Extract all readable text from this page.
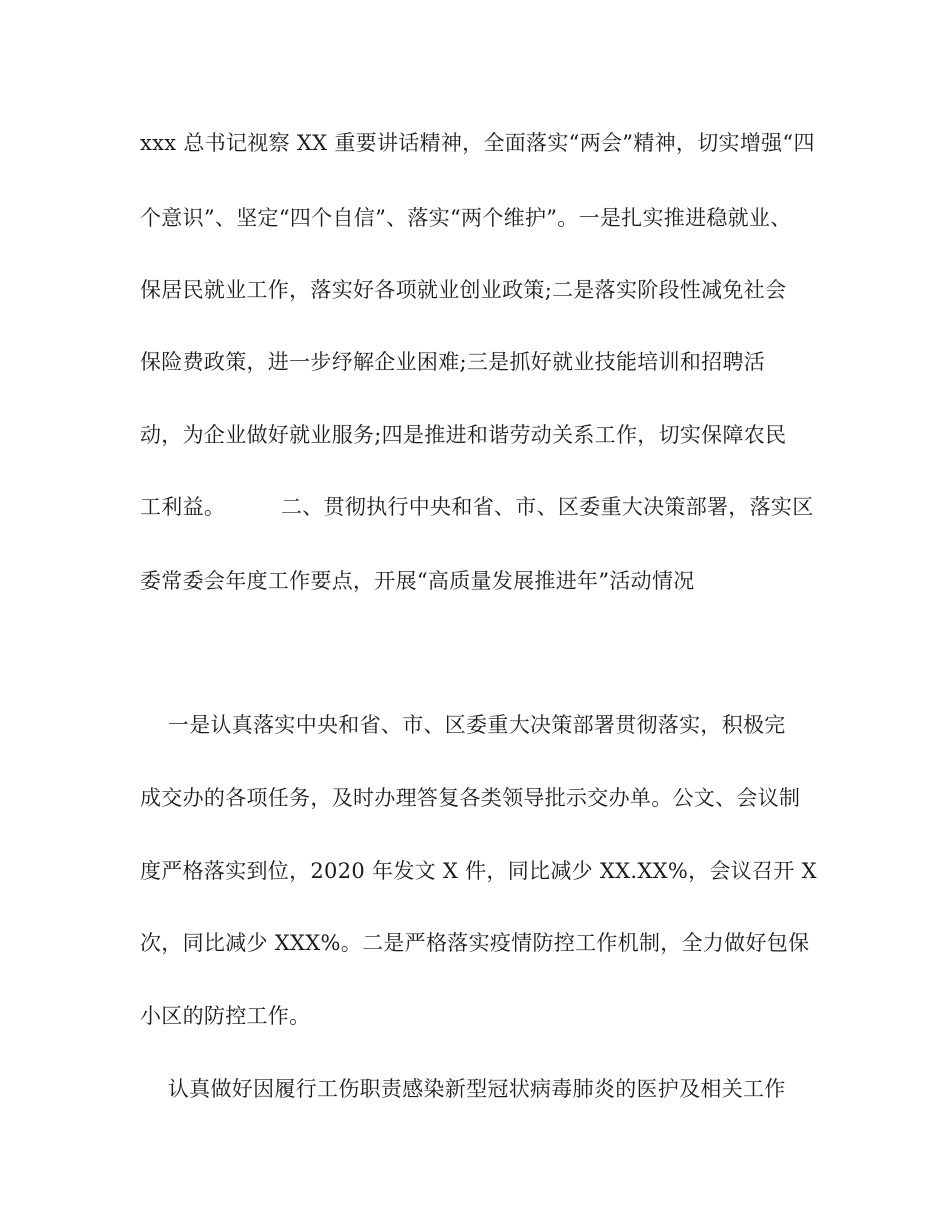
xxx 总书记视察 XX 重要讲话精神，全面落实“两会”精神，切实增强“四
个意识”、坚定“四个自信”、落实“两个维护”。一是扎实推进稳就业、
保居民就业工作，落实好各项就业创业政策;二是落实阶段性减免社会
保险费政策，进一步纾解企业困难;三是抓好就业技能培训和招聘活
动，为企业做好就业服务;四是推进和谐劳动关系工作，切实保障农民
工利益。        二、贯彻执行中央和省、市、区委重大决策部署，落实区
委常委会年度工作要点，开展“高质量发展推进年”活动情况
一是认真落实中央和省、市、区委重大决策部署贯彻落实，积极完
成交办的各项任务，及时办理答复各类领导批示交办单。公文、会议制
度严格落实到位，2020 年发文 X 件，同比减少 XX.XX%，会议召开 X
次，同比减少 XXX%。二是严格落实疫情防控工作机制，全力做好包保
小区的防控工作。
认真做好因履行工伤职责感染新型冠状病毒肺炎的医护及相关工作
